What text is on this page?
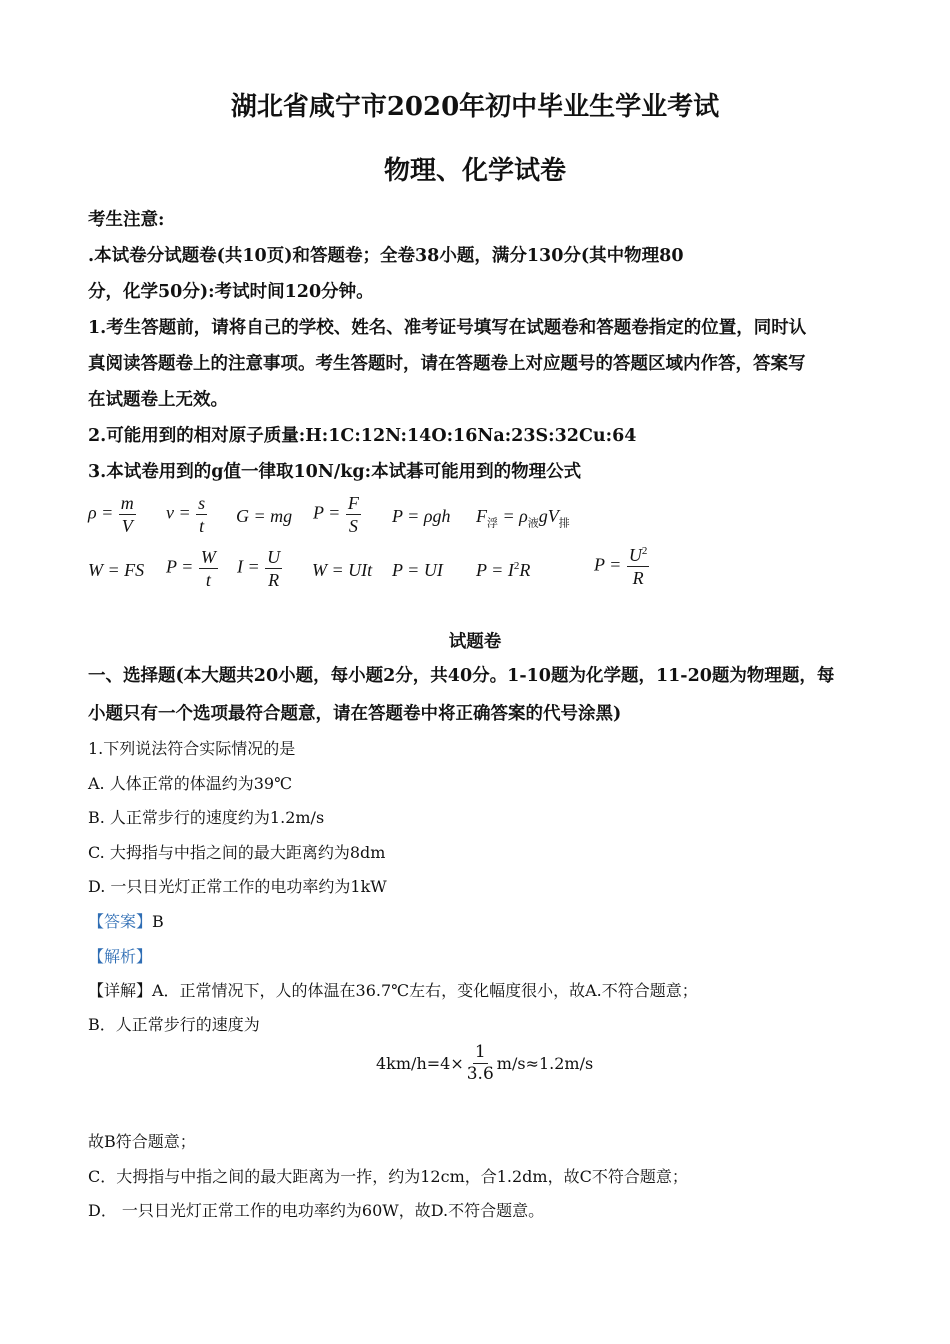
湖北省咸宁市2020年初中毕业生学业考试
物理、化学试卷
考生注意:
.本试卷分试题卷(共10页)和答题卷；全卷38小题，满分130分(其中物理80
分，化学50分):考试时间120分钟。
1.考生答题前，请将自己的学校、姓名、准考证号填写在试题卷和答题卷指定的位置，同时认
真阅读答题卷上的注意事项。考生答题时，请在答题卷上对应题号的答题区域内作答，答案写
在试题卷上无效。
2.可能用到的相对原子质量:H:1C:12N:14O:16Na:23S:32Cu:64
3.本试卷用到的g值一律取10N/kg:本试碁可能用到的物理公式
$\rho = \frac{m}{V}$ $v = \frac{s}{t}$ G = mg $P = \frac{F}{S}$ P = ρgh $F_浮 = \rho_液gV_排$
W = FS $P = \frac{W}{t}$ $I = \frac{U}{R}$ W = UIt P = UI $P = I^2R$	$P = \frac{U^2}{R}$
试题卷
一、选择题(本大题共20小题，每小题2分，共40分。1-10题为化学题，11-20题为物理题，每
小题只有一个选项最符合题意，请在答题卷中将正确答案的代号涂黑)
1.下列说法符合实际情况的是
A. 人体正常的体温约为39℃
B. 人正常步行的速度约为1.2m/s
C. 大拇指与中指之间的最大距离约为8dm
D. 一只日光灯正常工作的电功率约为1kW
【答案】B
【解析】
【详解】A．正常情况下，人的体温在36.7℃左右，变化幅度很小，故A.不符合题意；
B．人正常步行的速度为
$4km/h=4\times \frac{1}{3.6} m/s\approx 1.2m/s$
故B符合题意；
C．大拇指与中指之间的最大距离为一拃，约为12cm，合1.2dm，故C不符合题意；
D． 一只日光灯正常工作的电功率约为60W，故D.不符合题意。
